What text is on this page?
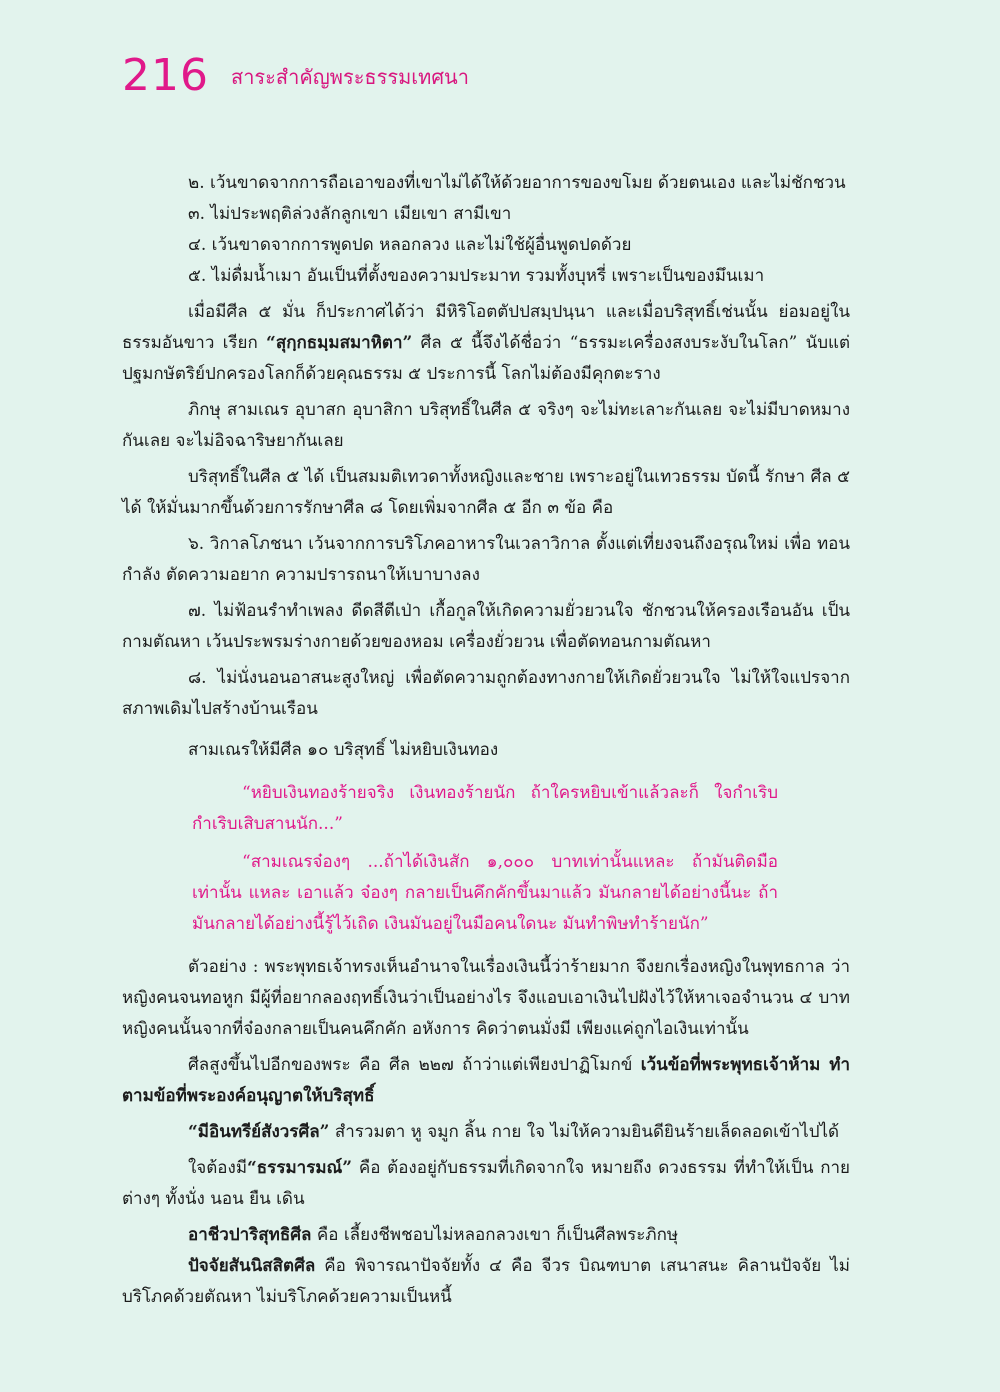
216 สาระสำคัญพระธรรมเทศนา
๒. เว้นขาดจากการถือเอาของที่เขาไม่ได้ให้ด้วยอาการของขโมย ด้วยตนเอง และไม่ชักชวน
๓. ไม่ประพฤติล่วงลักลูกเขา เมียเขา สามีเขา
๔. เว้นขาดจากการพูดปด หลอกลวง และไม่ใช้ผู้อื่นพูดปดด้วย
๕. ไม่ดื่มน้ำเมา อันเป็นที่ตั้งของความประมาท รวมทั้งบุหรี่ เพราะเป็นของมึนเมา

เมื่อมีศีล ๕ มั่น ก็ประกาศได้ว่า มีหิริโอตตัปปสมฺปนฺนา และเมื่อบริสุทธิ์เช่นนั้น ย่อมอยู่ใน ธรรมอันขาว เรียก “สุกฺกธมฺมสมาหิตา” ศีล ๕ นี้จึงได้ชื่อว่า “ธรรมะเครื่องสงบระงับในโลก” นับแต่ ปฐมกษัตริย์ปกครองโลกก็ด้วยคุณธรรม ๕ ประการนี้ โลกไม่ต้องมีคุกตะราง

ภิกษุ สามเณร อุบาสก อุบาสิกา บริสุทธิ์ในศีล ๕ จริงๆ จะไม่ทะเลาะกันเลย จะไม่มีบาดหมาง กันเลย จะไม่อิจฉาริษยากันเลย

บริสุทธิ์ในศีล ๕ ได้ เป็นสมมติเทวดาทั้งหญิงและชาย เพราะอยู่ในเทวธรรม บัดนี้ รักษา ศีล ๕ ได้ ให้มั่นมากขึ้นด้วยการรักษาศีล ๘ โดยเพิ่มจากศีล ๕ อีก ๓ ข้อ คือ

๖. วิกาลโภชนา เว้นจากการบริโภคอาหารในเวลาวิกาล ตั้งแต่เที่ยงจนถึงอรุณใหม่ เพื่อ ทอนกำลัง ตัดความอยาก ความปรารถนาให้เบาบางลง

๗. ไม่ฟ้อนรำทำเพลง ดีดสีตีเป่า เกื้อกูลให้เกิดความยั่วยวนใจ ชักชวนให้ครองเรือนอัน เป็น กามตัณหา เว้นประพรมร่างกายด้วยของหอม เครื่องยั่วยวน เพื่อตัดทอนกามตัณหา

๘. ไม่นั่งนอนอาสนะสูงใหญ่ เพื่อตัดความถูกต้องทางกายให้เกิดยั่วยวนใจ ไม่ให้ใจแปรจาก สภาพเดิมไปสร้างบ้านเรือน

สามเณรให้มีศีล ๑๐ บริสุทธิ์ ไม่หยิบเงินทอง

“หยิบเงินทองร้ายจริง เงินทองร้ายนัก ถ้าใครหยิบเข้าแล้วละก็ ใจกำเริบ กำเริบเสิบสานนัก...”

“สามเณรจ๋องๆ ...ถ้าได้เงินสัก ๑,๐๐๐ บาทเท่านั้นแหละ ถ้ามันติดมือเท่านั้น แหละ เอาแล้ว จ๋องๆ กลายเป็นคึกคักขึ้นมาแล้ว มันกลายได้อย่างนี้นะ ถ้า มันกลายได้อย่างนี้รู้ไว้เถิด เงินมันอยู่ในมือคนใดนะ มันทำพิษทำร้ายนัก”

ตัวอย่าง : พระพุทธเจ้าทรงเห็นอำนาจในเรื่องเงินนี้ว่าร้ายมาก จึงยกเรื่องหญิงในพุทธกาล ว่า หญิงคนจนทอหูก มีผู้ที่อยากลองฤทธิ์เงินว่าเป็นอย่างไร จึงแอบเอาเงินไปฝังไว้ให้หาเจอจำนวน ๔ บาท หญิงคนนั้นจากที่จ๋องกลายเป็นคนคึกคัก อหังการ คิดว่าตนมั่งมี เพียงแค่ถูกไอเงินเท่านั้น

ศีลสูงขึ้นไปอีกของพระ คือ ศีล ๒๒๗ ถ้าว่าแต่เพียงปาฏิโมกข์ เว้นข้อที่พระพุทธเจ้าห้าม ทำตามข้อที่พระองค์อนุญาตให้บริสุทธิ์

“มีอินทรีย์สังวรศีล” สำรวมตา หู จมูก ลิ้น กาย ใจ ไม่ให้ความยินดียินร้ายเล็ดลอดเข้าไปได้

ใจต้องมี“ธรรมารมณ์” คือ ต้องอยู่กับธรรมที่เกิดจากใจ หมายถึง ดวงธรรม ที่ทำให้เป็น กายต่างๆ ทั้งนั่ง นอน ยืน เดิน

อาชีวปาริสุทธิศีล คือ เลี้ยงชีพชอบไม่หลอกลวงเขา ก็เป็นศีลพระภิกษุ

ปัจจัยสันนิสสิตศีล คือ พิจารณาปัจจัยทั้ง ๔ คือ จีวร บิณฑบาต เสนาสนะ คิลานปัจจัย ไม่ บริโภคด้วยตัณหา ไม่บริโภคด้วยความเป็นหนี้
